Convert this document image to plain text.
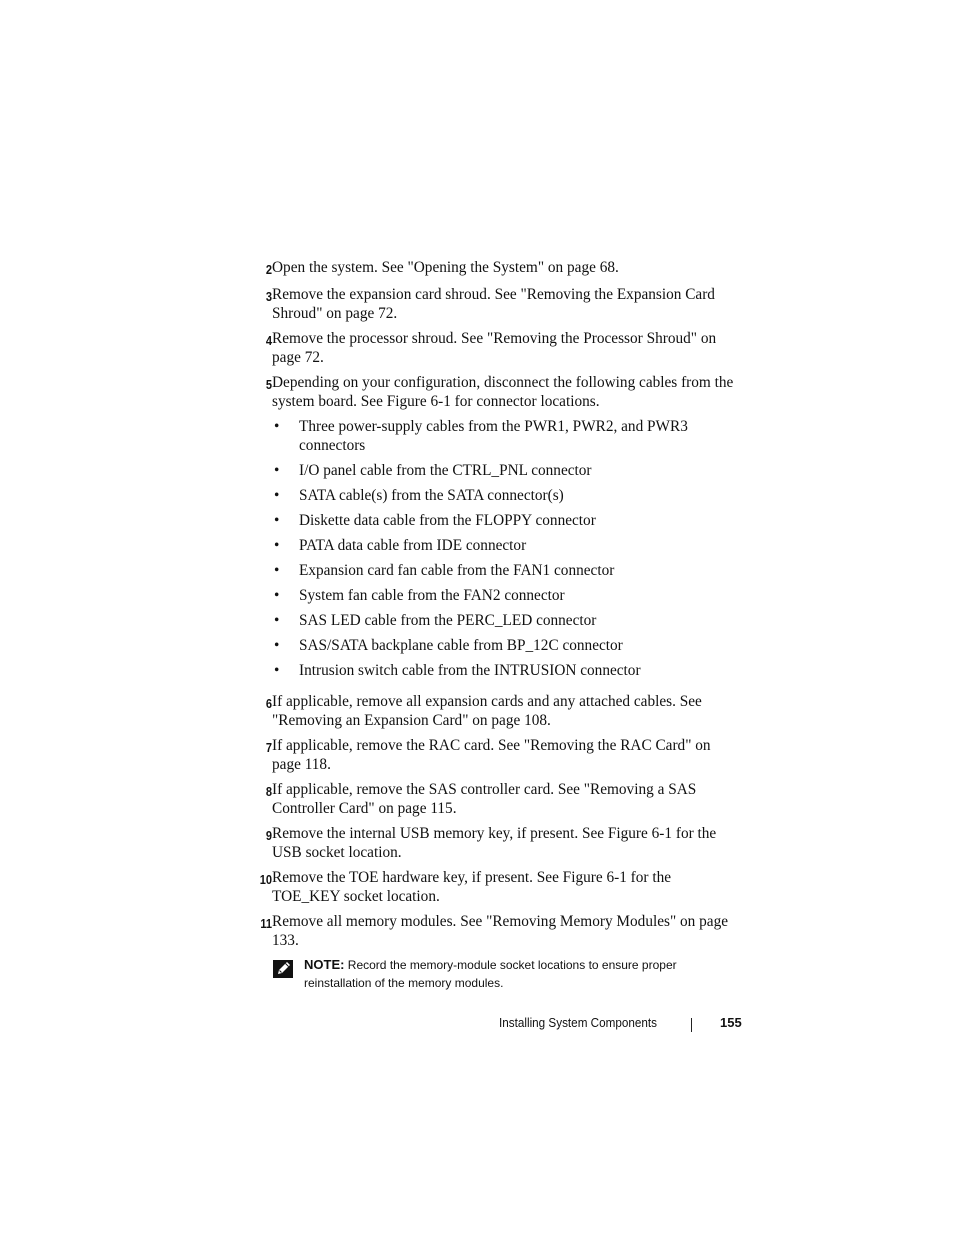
2 Open the system. See "Opening the System" on page 68.
3 Remove the expansion card shroud. See "Removing the Expansion Card Shroud" on page 72.
4 Remove the processor shroud. See "Removing the Processor Shroud" on page 72.
5 Depending on your configuration, disconnect the following cables from the system board. See Figure 6-1 for connector locations.
•	Three power-supply cables from the PWR1, PWR2, and PWR3 connectors
•	I/O panel cable from the CTRL_PNL connector
•	SATA cable(s) from the SATA connector(s)
•	Diskette data cable from the FLOPPY connector
•	PATA data cable from IDE connector
•	Expansion card fan cable from the FAN1 connector
•	System fan cable from the FAN2 connector
•	SAS LED cable from the PERC_LED connector
•	SAS/SATA backplane cable from BP_12C connector
•	Intrusion switch cable from the INTRUSION connector
6 If applicable, remove all expansion cards and any attached cables. See "Removing an Expansion Card" on page 108.
7 If applicable, remove the RAC card. See "Removing the RAC Card" on page 118.
8 If applicable, remove the SAS controller card. See "Removing a SAS Controller Card" on page 115.
9 Remove the internal USB memory key, if present. See Figure 6-1 for the USB socket location.
10 Remove the TOE hardware key, if present. See Figure 6-1 for the TOE_KEY socket location.
11 Remove all memory modules. See "Removing Memory Modules" on page 133.
NOTE: Record the memory-module socket locations to ensure proper reinstallation of the memory modules.
Installing System Components	155
